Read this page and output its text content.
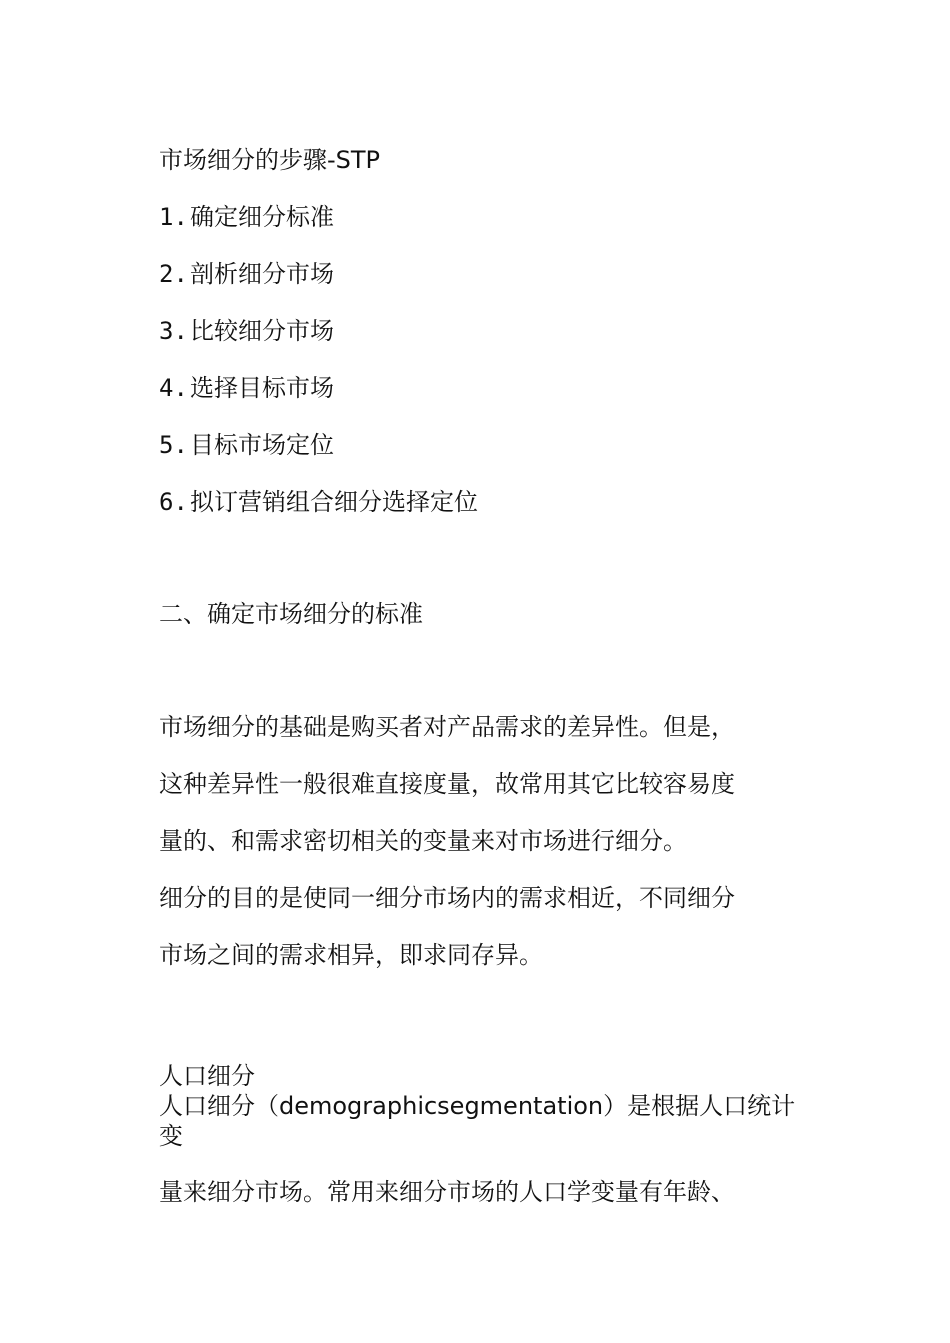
市场细分的步骤-STP
1.确定细分标准
2.剖析细分市场
3.比较细分市场
4.选择目标市场
5.目标市场定位
6.拟订营销组合细分选择定位
二、确定市场细分的标准
市场细分的基础是购买者对产品需求的差异性。但是，
这种差异性一般很难直接度量，故常用其它比较容易度
量的、和需求密切相关的变量来对市场进行细分。
细分的目的是使同一细分市场内的需求相近，不同细分
市场之间的需求相异，即求同存异。
人口细分
人口细分（demographicsegmentation）是根据人口统计
变
量来细分市场。常用来细分市场的人口学变量有年龄、
